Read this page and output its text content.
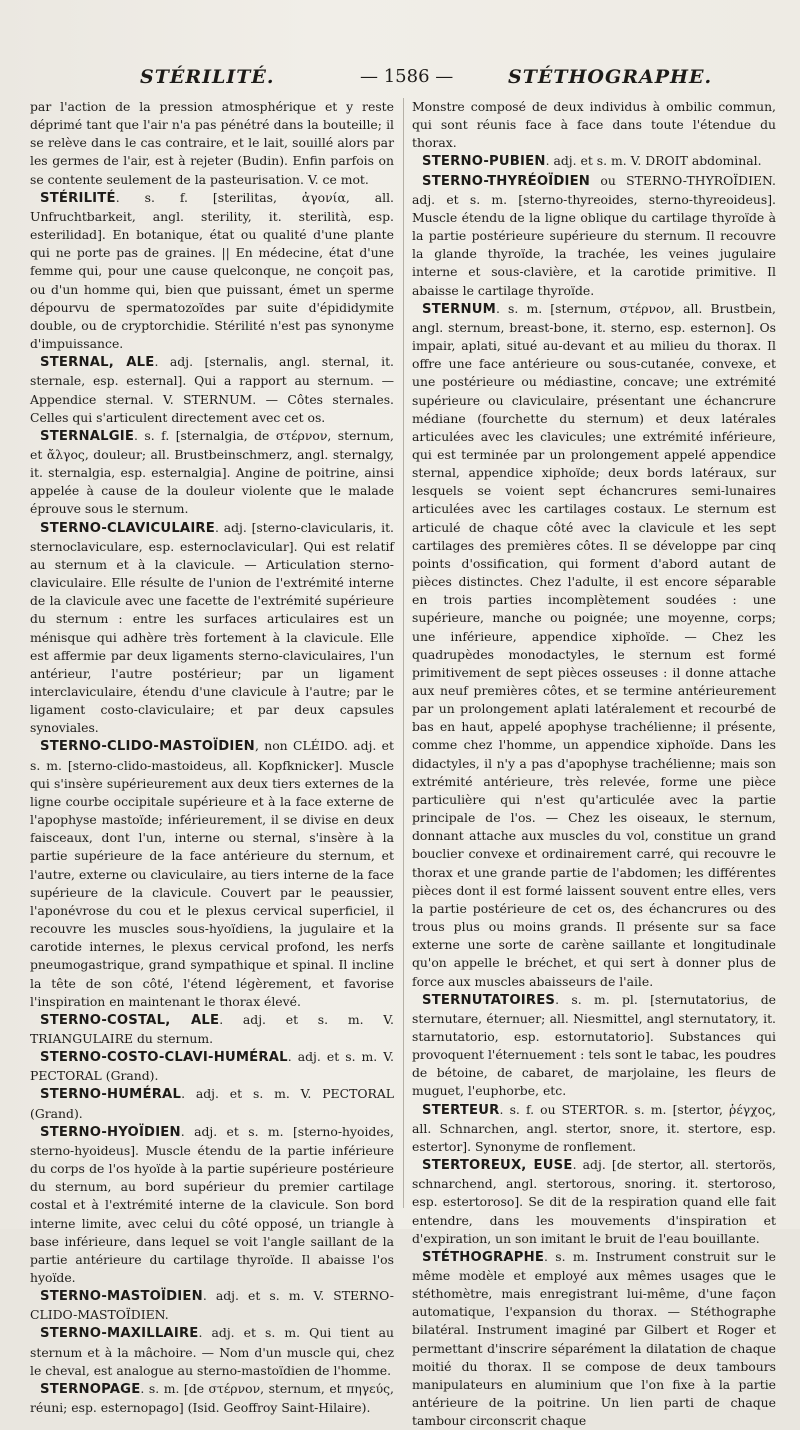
STÉRILITÉ.	— 1586 —	STÉTHOGRAPHE.

par l'action de la pression atmosphérique et y reste déprimé tant que l'air n'a pas pénétré dans la bouteille; il se relève dans le cas contraire, et le lait, souillé alors par les germes de l'air, est à rejeter (Budin). Enfin parfois on se contente seulement de la pasteurisation. V. ce mot.

STÉRILITÉ. s. f. [sterilitas, ἀγονία, all. Unfruchtbarkeit, angl. sterility, it. sterilità, esp. esterilidad]. En botanique, état ou qualité d'une plante qui ne porte pas de graines. || En médecine, état d'une femme qui, pour une cause quelconque, ne conçoit pas, ou d'un homme qui, bien que puissant, émet un sperme dépourvu de spermatozoïdes par suite d'épididymite double, ou de cryptorchidie. Stérilité n'est pas synonyme d'impuissance.

STERNAL, ALE. adj. [sternalis, angl. sternal, it. sternale, esp. esternal]. Qui a rapport au sternum. — Appendice sternal. V. STERNUM. — Côtes sternales. Celles qui s'articulent directement avec cet os.

STERNALGIE. s. f. [sternalgia, de στέρνον, sternum, et ἄλγος, douleur; all. Brustbeinschmerz, angl. sternalgy, it. sternalgia, esp. esternalgia]. Angine de poitrine, ainsi appelée à cause de la douleur violente que le malade éprouve sous le sternum.

STERNO-CLAVICULAIRE. adj. [sterno-clavicularis, it. sternoclaviculare, esp. esternoclavicular]. Qui est relatif au sternum et à la clavicule. — Articulation sterno-claviculaire. Elle résulte de l'union de l'extrémité interne de la clavicule avec une facette de l'extrémité supérieure du sternum : entre les surfaces articulaires est un ménisque qui adhère très fortement à la clavicule. Elle est affermie par deux ligaments sterno-claviculaires, l'un antérieur, l'autre postérieur; par un ligament interclaviculaire, étendu d'une clavicule à l'autre; par le ligament costo-claviculaire; et par deux capsules synoviales.

STERNO-CLIDO-MASTOÏDIEN, non CLÉIDO. adj. et s. m. [sterno-clido-mastoideus, all. Kopfknicker]. Muscle qui s'insère supérieurement aux deux tiers externes de la ligne courbe occipitale supérieure et à la face externe de l'apophyse mastoïde; inférieurement, il se divise en deux faisceaux, dont l'un, interne ou sternal, s'insère à la partie supérieure de la face antérieure du sternum, et l'autre, externe ou claviculaire, au tiers interne de la face supérieure de la clavicule. Couvert par le peaussier, l'aponévrose du cou et le plexus cervical superficiel, il recouvre les muscles sous-hyoïdiens, la jugulaire et la carotide internes, le plexus cervical profond, les nerfs pneumogastrique, grand sympathique et spinal. Il incline la tête de son côté, l'étend légèrement, et favorise l'inspiration en maintenant le thorax élevé.

STERNO-COSTAL, ALE. adj. et s. m. V. TRIANGULAIRE du sternum.

STERNO-COSTO-CLAVI-HUMÉRAL. adj. et s. m. V. PECTORAL (Grand).

STERNO-HUMÉRAL. adj. et s. m. V. PECTORAL (Grand).

STERNO-HYOÏDIEN. adj. et s. m. [sterno-hyoides, sterno-hyoideus]. Muscle étendu de la partie inférieure du corps de l'os hyoïde à la partie supérieure postérieure du sternum, au bord supérieur du premier cartilage costal et à l'extrémité interne de la clavicule. Son bord interne limite, avec celui du côté opposé, un triangle à base inférieure, dans lequel se voit l'angle saillant de la partie antérieure du cartilage thyroïde. Il abaisse l'os hyoïde.

STERNO-MASTOÏDIEN. adj. et s. m. V. STERNO-CLIDO-MASTOÏDIEN.

STERNO-MAXILLAIRE. adj. et s. m. Qui tient au sternum et à la mâchoire. — Nom d'un muscle qui, chez le cheval, est analogue au sterno-mastoïdien de l'homme.

STERNOPAGE. s. m. [de στέρνον, sternum, et πηγεύς, réuni; esp. esternopago] (Isid. Geoffroy Saint-Hilaire).

Monstre composé de deux individus à ombilic commun, qui sont réunis face à face dans toute l'étendue du thorax.

STERNO-PUBIEN. adj. et s. m. V. DROIT abdominal.

STERNO-THYRÉOÏDIEN ou STERNO-THYROÏDIEN. adj. et s. m. [sterno-thyreoides, sterno-thyreoideus]. Muscle étendu de la ligne oblique du cartilage thyroïde à la partie postérieure supérieure du sternum. Il recouvre la glande thyroïde, la trachée, les veines jugulaire interne et sous-clavière, et la carotide primitive. Il abaisse le cartilage thyroïde.

STERNUM. s. m. [sternum, στέρνον, all. Brustbein, angl. sternum, breast-bone, it. sterno, esp. esternon]. Os impair, aplati, situé au-devant et au milieu du thorax. Il offre une face antérieure ou sous-cutanée, convexe, et une postérieure ou médiastine, concave; une extrémité supérieure ou claviculaire, présentant une échancrure médiane (fourchette du sternum) et deux latérales articulées avec les clavicules; une extrémité inférieure, qui est terminée par un prolongement appelé appendice sternal, appendice xiphoïde; deux bords latéraux, sur lesquels se voient sept échancrures semi-lunaires articulées avec les cartilages costaux. Le sternum est articulé de chaque côté avec la clavicule et les sept cartilages des premières côtes. Il se développe par cinq points d'ossification, qui forment d'abord autant de pièces distinctes. Chez l'adulte, il est encore séparable en trois parties incomplètement soudées : une supérieure, manche ou poignée; une moyenne, corps; une inférieure, appendice xiphoïde. — Chez les quadrupèdes monodactyles, le sternum est formé primitivement de sept pièces osseuses : il donne attache aux neuf premières côtes, et se termine antérieurement par un prolongement aplati latéralement et recourbé de bas en haut, appelé apophyse trachélienne; il présente, comme chez l'homme, un appendice xiphoïde. Dans les didactyles, il n'y a pas d'apophyse trachélienne; mais son extrémité antérieure, très relevée, forme une pièce particulière qui n'est qu'articulée avec la partie principale de l'os. — Chez les oiseaux, le sternum, donnant attache aux muscles du vol, constitue un grand bouclier convexe et ordinairement carré, qui recouvre le thorax et une grande partie de l'abdomen; les différentes pièces dont il est formé laissent souvent entre elles, vers la partie postérieure de cet os, des échancrures ou des trous plus ou moins grands. Il présente sur sa face externe une sorte de carène saillante et longitudinale qu'on appelle le bréchet, et qui sert à donner plus de force aux muscles abaisseurs de l'aile.

STERNUTATOIRES. s. m. pl. [sternutatorius, de sternutare, éternuer; all. Niesmittel, angl sternutatory, it. starnutatorio, esp. estornutatorio]. Substances qui provoquent l'éternuement : tels sont le tabac, les poudres de bétoine, de cabaret, de marjolaine, les fleurs de muguet, l'euphorbe, etc.

STERTEUR. s. f. ou STERTOR. s. m. [stertor, ῥέγχος, all. Schnarchen, angl. stertor, snore, it. stertore, esp. estertor]. Synonyme de ronflement.

STERTOREUX, EUSE. adj. [de stertor, all. stertorös, schnarchend, angl. stertorous, snoring. it. stertoroso, esp. estertoroso]. Se dit de la respiration quand elle fait entendre, dans les mouvements d'inspiration et d'expiration, un son imitant le bruit de l'eau bouillante.

STÉTHOGRAPHE. s. m. Instrument construit sur le même modèle et employé aux mêmes usages que le stéthomètre, mais enregistrant lui-même, d'une façon automatique, l'expansion du thorax. — Stéthographe bilatéral. Instrument imaginé par Gilbert et Roger et permettant d'inscrire séparément la dilatation de chaque moitié du thorax. Il se compose de deux tambours manipulateurs en aluminium que l'on fixe à la partie antérieure de la poitrine. Un lien parti de chaque tambour circonscrit chaque
